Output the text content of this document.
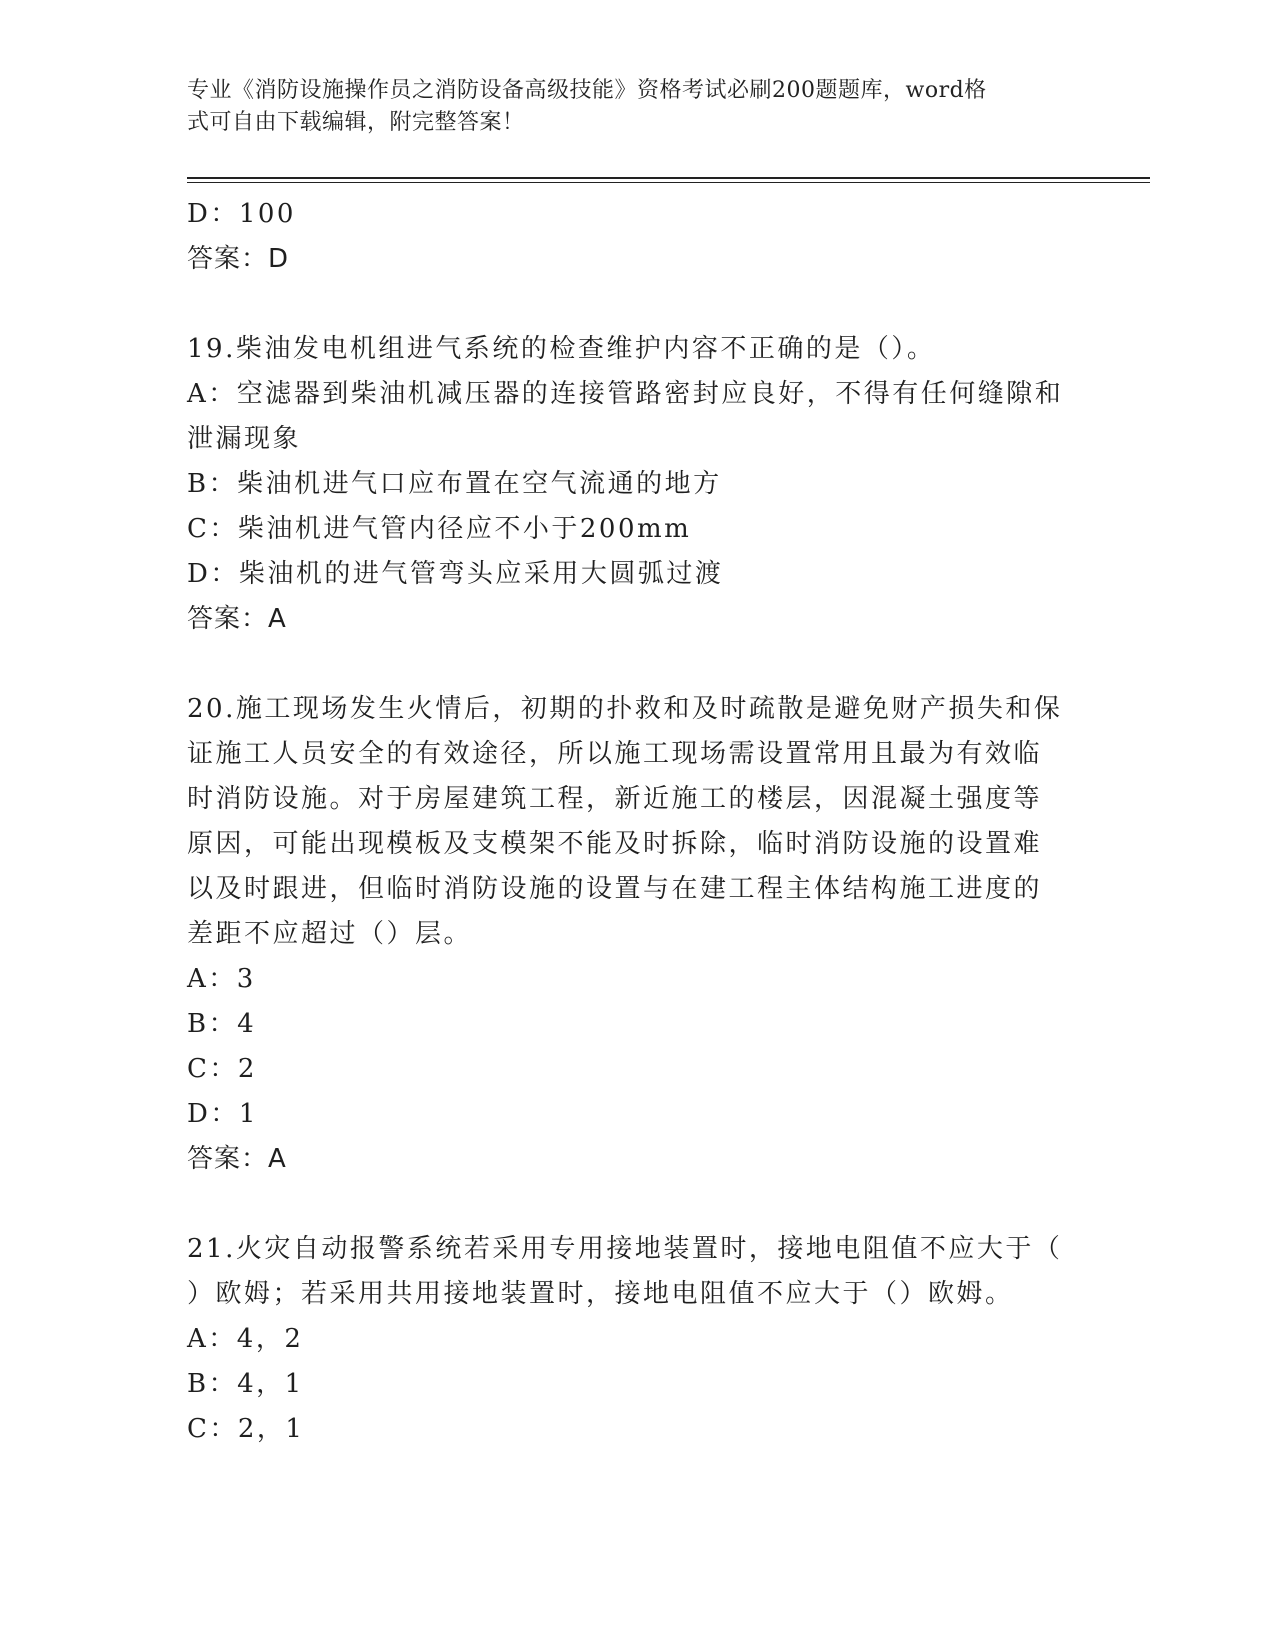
专业《消防设施操作员之消防设备高级技能》资格考试必刷200题题库，word格
式可自由下载编辑，附完整答案！
D：100
答案：D
19.柴油发电机组进气系统的检查维护内容不正确的是（）。
A：空滤器到柴油机减压器的连接管路密封应良好，不得有任何缝隙和
泄漏现象
B：柴油机进气口应布置在空气流通的地方
C：柴油机进气管内径应不小于200mm
D：柴油机的进气管弯头应采用大圆弧过渡
答案：A
20.施工现场发生火情后，初期的扑救和及时疏散是避免财产损失和保
证施工人员安全的有效途径，所以施工现场需设置常用且最为有效临
时消防设施。对于房屋建筑工程，新近施工的楼层，因混凝土强度等
原因，可能出现模板及支模架不能及时拆除，临时消防设施的设置难
以及时跟进，但临时消防设施的设置与在建工程主体结构施工进度的
差距不应超过（）层。
A：3
B：4
C：2
D：1
答案：A
21.火灾自动报警系统若采用专用接地装置时，接地电阻值不应大于（
）欧姆；若采用共用接地装置时，接地电阻值不应大于（）欧姆。
A：4，2
B：4，1
C：2，1
